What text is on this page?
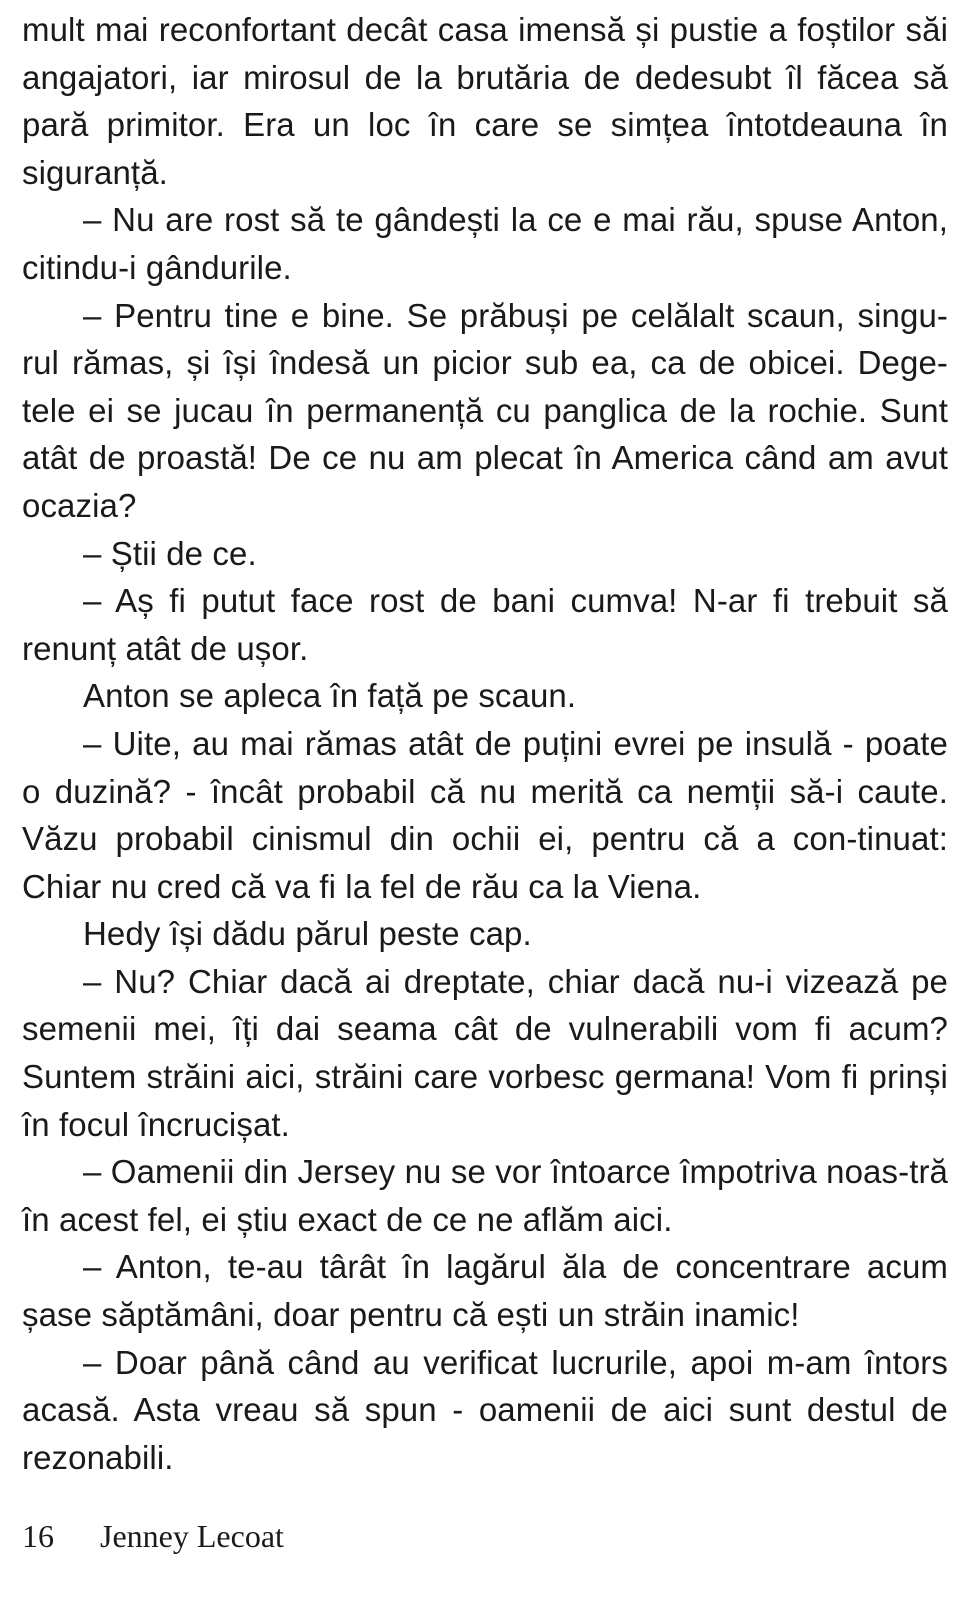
mult mai reconfortant decât casa imensă și pustie a foștilor săi angajatori, iar mirosul de la brutăria de dedesubt îl făcea să pară primitor. Era un loc în care se simțea întotdeauna în siguranță.

– Nu are rost să te gândești la ce e mai rău, spuse Anton, citindu-i gândurile.

– Pentru tine e bine. Se prăbuși pe celălalt scaun, singu-rul rămas, și își îndesă un picior sub ea, ca de obicei. Dege-tele ei se jucau în permanență cu panglica de la rochie. Sunt atât de proastă! De ce nu am plecat în America când am avut ocazia?

– Știi de ce.

– Aș fi putut face rost de bani cumva! N-ar fi trebuit să renunț atât de ușor.

Anton se apleca în față pe scaun.

– Uite, au mai rămas atât de puțini evrei pe insulă - poate o duzină? - încât probabil că nu merită ca nemții să-i caute. Văzu probabil cinismul din ochii ei, pentru că a con-tinuat: Chiar nu cred că va fi la fel de rău ca la Viena.

Hedy își dădu părul peste cap.

– Nu? Chiar dacă ai dreptate, chiar dacă nu-i vizează pe semenii mei, îți dai seama cât de vulnerabili vom fi acum? Suntem străini aici, străini care vorbesc germana! Vom fi prinși în focul încrucișat.

– Oamenii din Jersey nu se vor întoarce împotriva noas-tră în acest fel, ei știu exact de ce ne aflăm aici.

– Anton, te-au târât în lagărul ăla de concentrare acum șase săptămâni, doar pentru că ești un străin inamic!

– Doar până când au verificat lucrurile, apoi m-am întors acasă. Asta vreau să spun - oamenii de aici sunt destul de rezonabili.

16 Jenney Lecoat
